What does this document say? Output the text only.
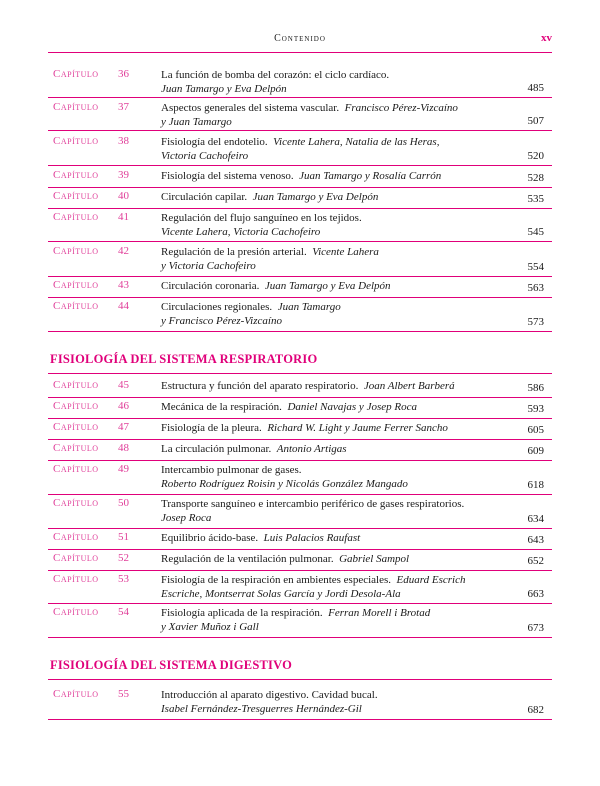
Contenido	xv
FISIOLOGÍA DEL SISTEMA RESPIRATORIO
FISIOLOGÍA DEL SISTEMA DIGESTIVO
Capítulo 36	La función de bomba del corazón: el ciclo cardíaco.
Juan Tamargo y Eva Delpón	485
Capítulo 37	Aspectos generales del sistema vascular. Francisco Pérez-Vizcaíno
y Juan Tamargo	507
Capítulo 38	Fisiología del endotelio. Vicente Lahera, Natalia de las Heras,
Victoria Cachofeiro	520
Capítulo 39	Fisiología del sistema venoso. Juan Tamargo y Rosalía Carrón	528
Capítulo 40	Circulación capilar. Juan Tamargo y Eva Delpón	535
Capítulo 41	Regulación del flujo sanguíneo en los tejidos.
Vicente Lahera, Victoria Cachofeiro	545
Capítulo 42	Regulación de la presión arterial. Vicente Lahera
y Victoria Cachofeiro	554
Capítulo 43	Circulación coronaria. Juan Tamargo y Eva Delpón	563
Capítulo 44	Circulaciones regionales. Juan Tamargo
y Francisco Pérez-Vizcaíno	573
Capítulo 45	Estructura y función del aparato respiratorio. Joan Albert Barberá	586
Capítulo 46	Mecánica de la respiración. Daniel Navajas y Josep Roca	593
Capítulo 47	Fisiología de la pleura. Richard W. Light y Jaume Ferrer Sancho	605
Capítulo 48	La circulación pulmonar. Antonio Artigas	609
Capítulo 49	Intercambio pulmonar de gases.
Roberto Rodríguez Roisin y Nicolás González Mangado	618
Capítulo 50	Transporte sanguíneo e intercambio periférico de gases respiratorios.
Josep Roca	634
Capítulo 51	Equilibrio ácido-base. Luis Palacios Raufast	643
Capítulo 52	Regulación de la ventilación pulmonar. Gabriel Sampol	652
Capítulo 53	Fisiología de la respiración en ambientes especiales. Eduard Escrich
Escriche, Montserrat Solas García y Jordi Desola-Ala	663
Capítulo 54	Fisiología aplicada de la respiración. Ferran Morell i Brotad
y Xavier Muñoz i Gall	673
Capítulo 55	Introducción al aparato digestivo. Cavidad bucal.
Isabel Fernández-Tresguerres Hernández-Gil	682
